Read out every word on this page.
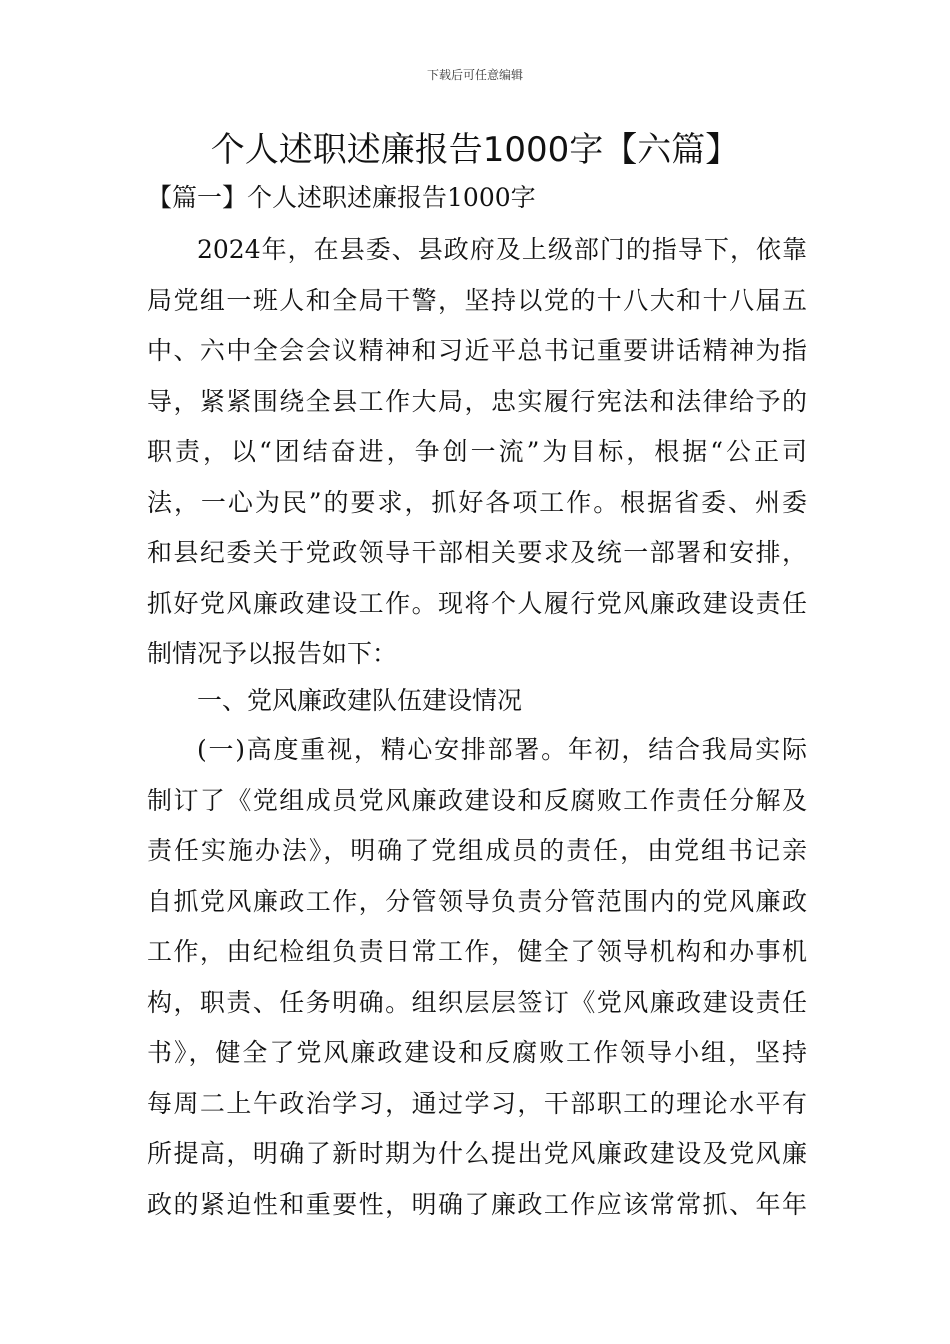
下载后可任意编辑
个人述职述廉报告1000字【六篇】
【篇一】个人述职述廉报告1000字
2024年，在县委、县政府及上级部门的指导下，依靠
局党组一班人和全局干警，坚持以党的十八大和十八届五
中、六中全会会议精神和习近平总书记重要讲话精神为指
导，紧紧围绕全县工作大局，忠实履行宪法和法律给予的
职责，以“团结奋进，争创一流”为目标，根据“公正司
法，一心为民”的要求，抓好各项工作。根据省委、州委
和县纪委关于党政领导干部相关要求及统一部署和安排，
抓好党风廉政建设工作。现将个人履行党风廉政建设责任
制情况予以报告如下：
一、党风廉政建队伍建设情况
(一)高度重视，精心安排部署。年初，结合我局实际
制订了《党组成员党风廉政建设和反腐败工作责任分解及
责任实施办法》，明确了党组成员的责任，由党组书记亲
自抓党风廉政工作，分管领导负责分管范围内的党风廉政
工作，由纪检组负责日常工作，健全了领导机构和办事机
构，职责、任务明确。组织层层签订《党风廉政建设责任
书》，健全了党风廉政建设和反腐败工作领导小组，坚持
每周二上午政治学习，通过学习，干部职工的理论水平有
所提高，明确了新时期为什么提出党风廉政建设及党风廉
政的紧迫性和重要性，明确了廉政工作应该常常抓、年年
